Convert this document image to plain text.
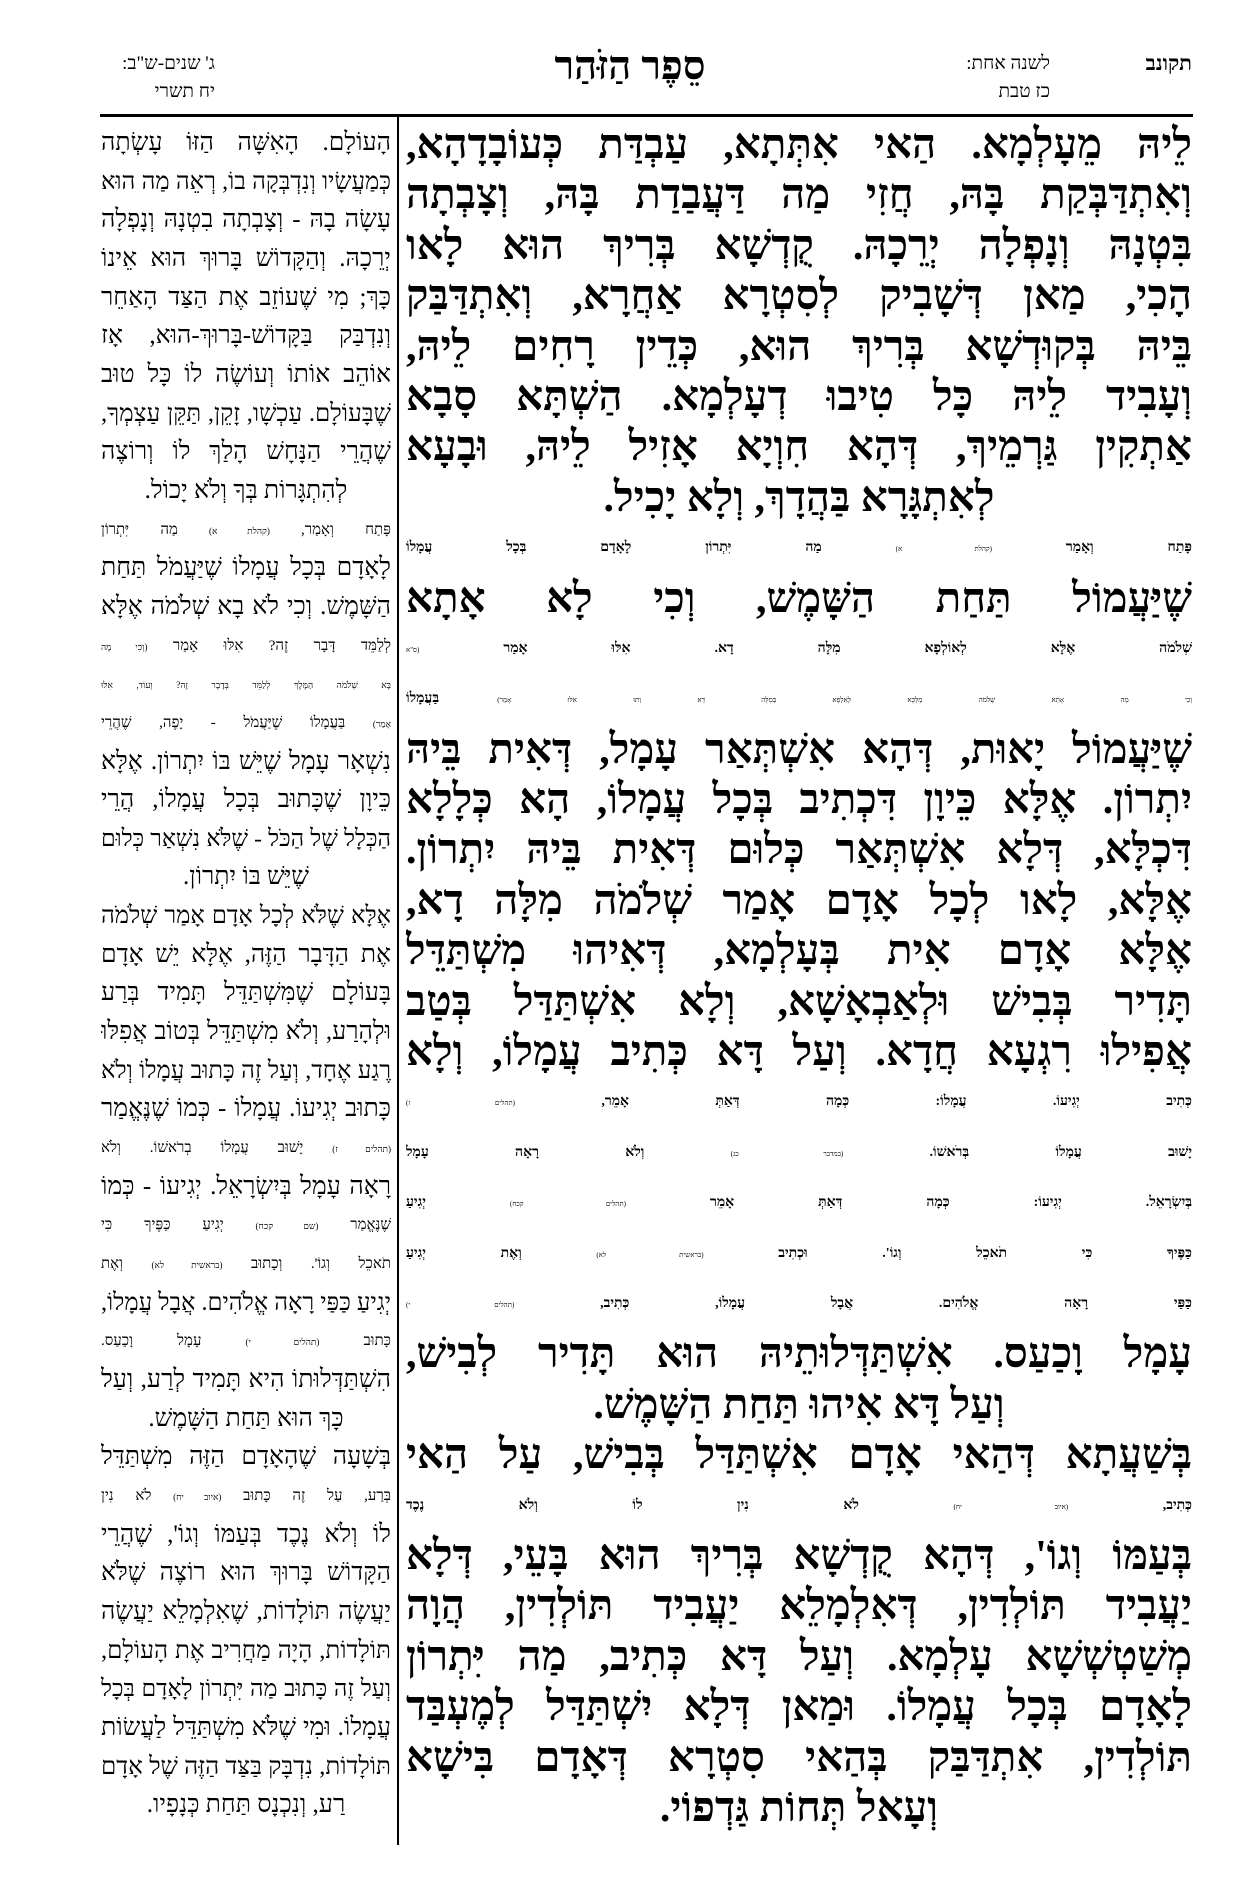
תקונב
לשנה אחת:
כז טבת
סֵפֶר הַזֹּהַר
ג' שנים-ש"ב:
יח תשרי
לֵיהּ מֵעָלְמָא. הַאי אִתְּתָא, עַבְדַּת כְּעוֹבָדָהָא,
וְאִתְדַּבְּקַת בָּהּ, חֲזִי מַה דַּעֲבַדַת בָּהּ, וְצָבְתָה
בִּטְנָהּ וְנָפְלָה יְרֵכָהּ. קֻדְשָׁא בְּרִיךְ הוּא לָאו
הָכִי, מַאן דְּשָׁבִיק לְסִטְרָא אַחֲרָא, וְאִתְדַּבַּק
בֵּיהּ בְּקוּדְשָׁא בְּרִיךְ הוּא, כְּדֵין רָחִים לֵיהּ,
וְעָבִיד לֵיהּ כָּל טִיבוּ דְעָלְמָא. הַשְׁתָּא סָבָא
אַתְקִין גַּרְמֵיךְ, דְּהָא חִוְיָא אָזִיל לֵיהּ, וּבָעָא
לְאִתְגָּרָא בַּהֲדָךְ, וְלָא יָכִיל.
פָּתַח וְאָמַר (קהלת א) מַה יִּתְרוֹן לָאָדָם בְּכָל עֲמָלוֹ
שֶׁיַּעֲמוֹל תַּחַת הַשָּׁמֶשׁ, וְכִי לָא אָתָא
שְׁלֹמֹה אֶלָּא לְאוֹלְפָא מִלָּה דָא. אִלּוּ אָמַר (ס"א
וְכִי מָה אָתָא שְׁלֹמֹה מַלְכָּא לְאַלְפָא בְּמִלָּה דָא וְתוּ אִלּוּ אָמַר) בַּעֲמָלוֹ
שֶׁיַּעֲמוֹל יָאוּת, דְּהָא אִשְׁתְּאַר עָמָל, דְּאִית בֵּיהּ
יִתְרוֹן. אֶלָּא כֵּיוָן דִּכְתִיב בְּכָל עֲמָלוֹ, הָא כְּלָלָא
דִּכְלָּא, דְּלָא אִשְׁתְּאַר כְּלוּם דְּאִית בֵּיהּ יִתְרוֹן.
אֶלָּא, לָאו לְכָל אָדָם אָמַר שְׁלֹמֹה מִלָּה דָא,
אֶלָּא אָדָם אִית בְּעָלְמָא, דְּאִיהוּ מִשְׁתַּדֵּל
תָּדִיר בְּבִישׁ וּלְאַבְאָשָׁא, וְלָא אִשְׁתַּדַּל בְּטַב
אֲפִילוּ רִגְעָא חֲדָא. וְעַל דָּא כְּתִיב עֲמָלוֹ, וְלָא
כְּתִיב יְגִיעוֹ. עֲמָלוֹ: כְּמָה דְּאַתְּ אָמֵר, (תהלים ז)
יָשׁוּב עֲמָלוֹ בְּרֹאשׁוֹ. (במדבר כג) וְלֹא רָאָה עָמָל
בְּיִשְׂרָאֵל. יְגִיעוֹ: כְּמָה דְּאַתְּ אָמֵר (תהלים קכח) יְגִיעַ
כַּפֶּיךָ כִּי תֹאכֵל וְגוֹ'. וּכְתִיב (בראשית לא) וְאֶת יְגִיעַ
כַּפַּי רָאָה אֱלֹהִים. אֲבָל עֲמָלוֹ, כְּתִיב, (תהלים י)
עָמָל וָכַעַס. אִשְׁתַּדְּלוּתֵיהּ הוּא תָּדִיר לְבִישׁ,
וְעַל דָּא אִיהוּ תַּחַת הַשָּׁמֶשׁ.
בְּשַׁעֲתָא דְּהַאי אָדָם אִשְׁתַּדַּל בְּבִישׁ, עַל הַאי
כְּתִיב, (איוב יח) לֹא נִין לוֹ וְלֹא נֶכֶד
בְּעַמּוֹ וְגוֹ', דְּהָא קֻדְשָׁא בְּרִיךְ הוּא בָּעֵי, דְּלָא
יַעֲבִיד תּוֹלְדִין, דְּאִלְמָלֵא יַעֲבִיד תּוֹלְדִין, הֲוָה
מְשַׁטְשְׁשָׁא עָלְמָא. וְעַל דָּא כְּתִיב, מַה יִּתְרוֹן
לָאָדָם בְּכָל עֲמָלוֹ. וּמַאן דְּלָא יִשְׁתַּדַּל לְמֶעְבַּד
תּוֹלְדִין, אִתְדַּבַּק בְּהַאי סִטְרָא דְּאָדָם בִּישָׁא
וְעָאל תְּחוֹת גַּדְפוֹי.
הָעוֹלָם. הָאִשָּׁה הַזּוֹ עָשְׂתָה
כְּמַעֲשָׂיו וְנִדְבְּקָה בוֹ, רְאֵה מַה הוּא
עָשָׂה בָהּ - וְצָבְתָה בִטְנָהּ וְנָפְלָה
יְרֵכָהּ. וְהַקָּדוֹשׁ בָּרוּךְ הוּא אֵינוֹ
כָּךְ; מִי שֶׁעוֹזֵב אֶת הַצַּד הָאַחֵר
וְנִדְבַּק בַּקָּדוֹשׁ-בָּרוּךְ-הוּא, אָז
אוֹהֵב אוֹתוֹ וְעוֹשֶׂה לוֹ כָּל טוּב
שֶׁבָּעוֹלָם. עַכְשָׁו, זָקֵן, תַּקֵּן עַצְמְךָ,
שֶׁהֲרֵי הַנָּחָשׁ הָלַךְ לוֹ וְרוֹצֶה
לְהִתְגָּרוֹת בְּךָ וְלֹא יָכוֹל.
פָּתַח וְאָמַר, (קהלת א) מַה יִּתְרוֹן
לָאָדָם בְּכָל עֲמָלוֹ שֶׁיַּעֲמֹל תַּחַת
הַשָּׁמֶשׁ. וְכִי לֹא בָא שְׁלֹמֹה אֶלָּא
לְלַמֵּד דָּבָר זֶה? אִלּוּ אָמַר (וְכִי מָה
בָּא שְׁלֹמֹה הַמֶּלֶךְ לְלַמֵּד בְּדָבָר זֶה? וְעוֹד, אִלּוּ
אָמַר) בַּעֲמָלוֹ שֶׁיַּעֲמֹל - יָפֶה, שֶׁהֲרֵי
נִשְׁאָר עָמָל שֶׁיֵּשׁ בּוֹ יִתְרוֹן. אֶלָּא
כֵּיוָן שֶׁכָּתוּב בְּכָל עֲמָלוֹ, הֲרֵי
הַכְּלָל שֶׁל הַכֹּל - שֶׁלֹּא נִשְׁאַר כְּלוּם
שֶׁיֵּשׁ בּוֹ יִתְרוֹן.
אֶלָּא שֶׁלֹּא לְכָל אָדָם אָמַר שְׁלֹמֹה
אֶת הַדָּבָר הַזֶּה, אֶלָּא יֵשׁ אָדָם
בָּעוֹלָם שֶׁמִּשְׁתַּדֵּל תָּמִיד בְּרַע
וּלְהָרַע, וְלֹא מִשְׁתַּדֵּל בְּטוֹב אֲפִלּוּ
רֶגַע אֶחָד, וְעַל זֶה כָּתוּב עֲמָלוֹ וְלֹא
כָּתוּב יְגִיעוֹ. עֲמָלוֹ - כְּמוֹ שֶׁנֶּאֱמַר
(תהלים ז) יָשׁוּב עֲמָלוֹ בְרֹאשׁוֹ. וְלֹא
רָאָה עָמָל בְּיִשְׂרָאֵל. יְגִיעוֹ - כְּמוֹ
שֶׁנֶּאֱמַר (שם קכח) יְגִיעַ כַּפֶּיךָ כִּי
תֹאכֵל וְגוֹ'. וְכָתוּב (בראשית לא) וְאֶת
יְגִיעַ כַּפַּי רָאָה אֱלֹהִים. אֲבָל עֲמָלוֹ,
כָּתוּב (תהלים י) עָמָל וָכַעַס.
הִשְׁתַּדְּלוּתוֹ הִיא תָּמִיד לְרַע, וְעַל
כָּךְ הוּא תַּחַת הַשָּׁמֶשׁ.
בְּשָׁעָה שֶׁהָאָדָם הַזֶּה מִשְׁתַּדֵּל
בְּרַע, עַל זֶה כָּתוּב (איוב יח) לֹא נִין
לוֹ וְלֹא נֶכֶד בְּעַמּוֹ וְגוֹ', שֶׁהֲרֵי
הַקָּדוֹשׁ בָּרוּךְ הוּא רוֹצֶה שֶׁלֹּא
יַעֲשֶׂה תּוֹלָדוֹת, שֶׁאִלְמָלֵא יַעֲשֶׂה
תּוֹלָדוֹת, הָיָה מַחֲרִיב אֶת הָעוֹלָם,
וְעַל זֶה כָּתוּב מַה יִּתְרוֹן לָאָדָם בְּכָל
עֲמָלוֹ. וּמִי שֶׁלֹּא מִשְׁתַּדֵּל לַעֲשׂוֹת
תּוֹלָדוֹת, נִדְבָּק בַּצַּד הַזֶּה שֶׁל אָדָם
רַע, וְנִכְנָס תַּחַת כְּנָפָיו.
